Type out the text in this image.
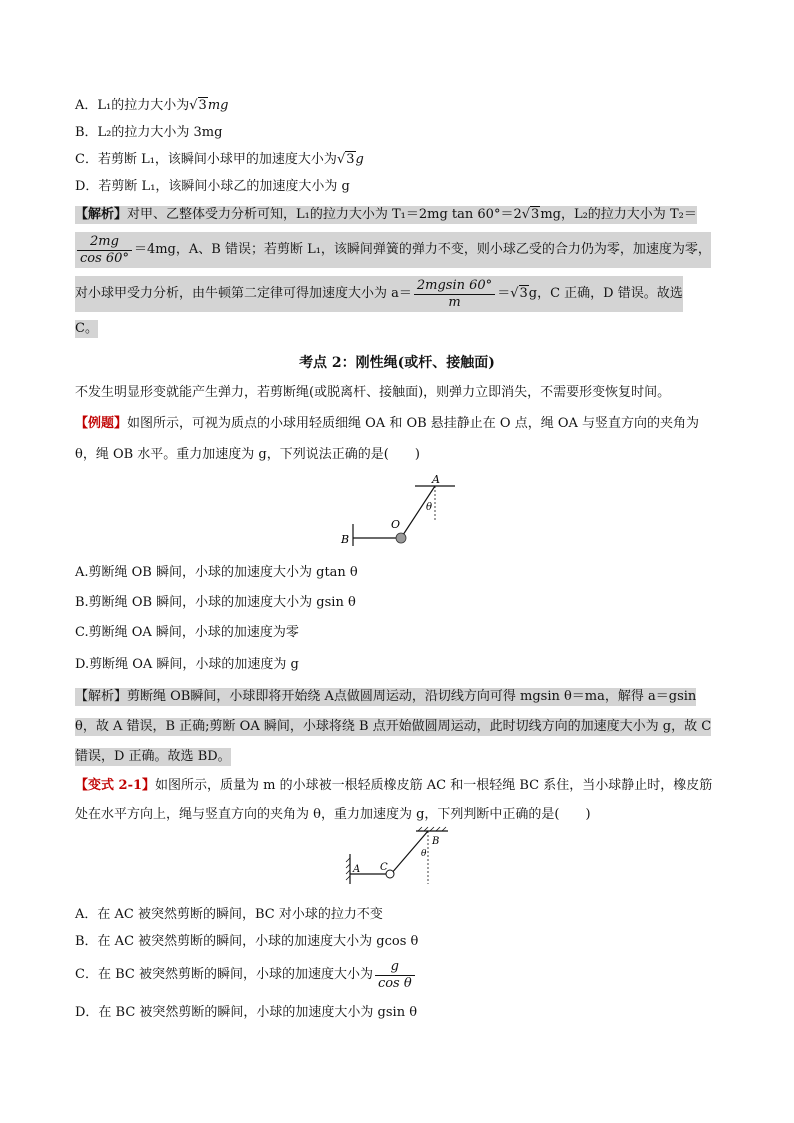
A．L₁的拉力大小为√3mg
B．L₂的拉力大小为 3mg
C．若剪断 L₁，该瞬间小球甲的加速度大小为√3g
D．若剪断 L₁，该瞬间小球乙的加速度大小为 g
【解析】对甲、乙整体受力分析可知，L₁的拉力大小为 T₁＝2mg tan 60°＝2√3mg，L₂的拉力大小为 T₂＝
$\frac{2mg}{\cos 60^\circ} =4mg$，A、B 错误；若剪断 L₁，该瞬间弹簧的弹力不变，则小球乙受的合力仍为零，加速度为零，
对小球甲受力分析，由牛顿第二定律可得加速度大小为 $a= \frac{2mgsin 60^\circ}{m} = √3$ g，C 正确，D 错误。故选
C。
考点 2：刚性绳(或杆、接触面)
不发生明显形变就能产生弹力，若剪断绳(或脱离杆、接触面)，则弹力立即消失，不需要形变恢复时间。
【例题】如图所示，可视为质点的小球用轻质细绳 OA 和 OB 悬挂静止在 O 点，绳 OA 与竖直方向的夹角为
θ，绳 OB 水平。重力加速度为 g，下列说法正确的是(　　)
A
B
O
θ
A.剪断绳 OB 瞬间，小球的加速度大小为 gtan θ
B.剪断绳 OB 瞬间，小球的加速度大小为 gsin θ
C.剪断绳 OA 瞬间，小球的加速度为零
D.剪断绳 OA 瞬间，小球的加速度为 g
【解析】剪断绳 OB瞬间，小球即将开始绕 A点做圆周运动，沿切线方向可得 mgsin θ＝ma，解得 a＝gsin
θ，故 A 错误，B 正确;剪断 OA 瞬间，小球将绕 B 点开始做圆周运动，此时切线方向的加速度大小为 g，故 C
错误，D 正确。故选 BD。
【变式 2-1】如图所示，质量为 m 的小球被一根轻质橡皮筋 AC 和一根轻绳 BC 系住，当小球静止时，橡皮筋
处在水平方向上，绳与竖直方向的夹角为 θ，重力加速度为 g，下列判断中正确的是(　　)
B
A C
θ
A．在 AC 被突然剪断的瞬间，BC 对小球的拉力不变
B．在 AC 被突然剪断的瞬间，小球的加速度大小为 gcos θ
C．在 BC 被突然剪断的瞬间，小球的加速度大小为 $\frac{g}{\text{cos θ}}$
D．在 BC 被突然剪断的瞬间，小球的加速度大小为 gsin θ
